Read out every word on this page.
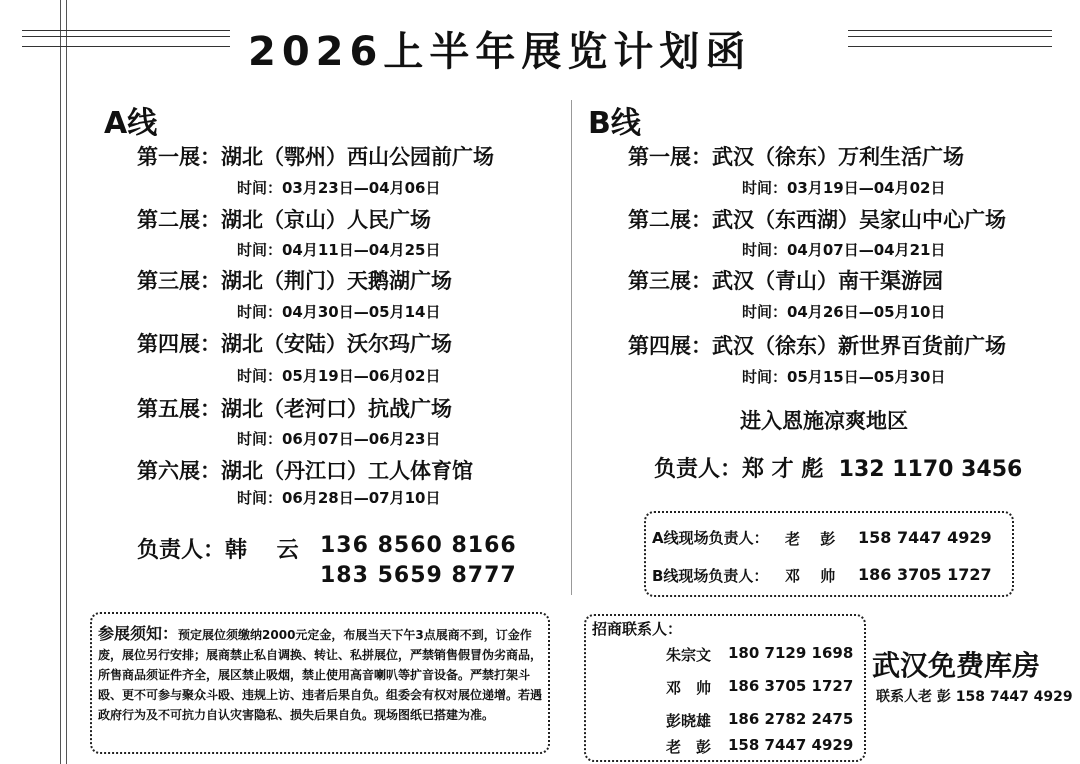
2026上半年展览计划函
A线
第一展：湖北（鄂州）西山公园前广场
时间：03月23日—04月06日
第二展：湖北（京山）人民广场
时间：04月11日—04月25日
第三展：湖北（荆门）天鹅湖广场
时间：04月30日—05月14日
第四展：湖北（安陆）沃尔玛广场
时间：05月19日—06月02日
第五展：湖北（老河口）抗战广场
时间：06月07日—06月23日
第六展：湖北（丹江口）工人体育馆
时间：06月28日—07月10日
负责人：韩　 云 136 8560 8166
183 5659 8777
B线
第一展：武汉（徐东）万利生活广场
时间：03月19日—04月02日
第二展：武汉（东西湖）吴家山中心广场
时间：04月07日—04月21日
第三展：武汉（青山）南干渠游园
时间：04月26日—05月10日
第四展：武汉（徐东）新世界百货前广场
时间：05月15日—05月30日
进入恩施凉爽地区
负责人：郑 才 彪  132 1170 3456
A线现场负责人： 老　 彭 158 7447 4929
B线现场负责人： 邓　 帅 186 3705 1727
参展须知：预定展位须缴纳2000元定金，布展当天下午3点展商不到，订金作废，展位另行安排；展商禁止私自调换、转让、私拼展位，严禁销售假冒伪劣商品，所售商品须证件齐全，展区禁止吸烟，禁止使用高音喇叭等扩音设备。严禁打架斗殴、更不可参与聚众斗殴、违规上访、违者后果自负。组委会有权对展位递增。若遇政府行为及不可抗力自认灾害隐私、损失后果自负。现场图纸已搭建为准。
招商联系人：
朱宗文 180 7129 1698
邓　帅 186 3705 1727
彭晓雄 186 2782 2475
老　彭 158 7447 4929
武汉免费库房
联系人老 彭 158 7447 4929
